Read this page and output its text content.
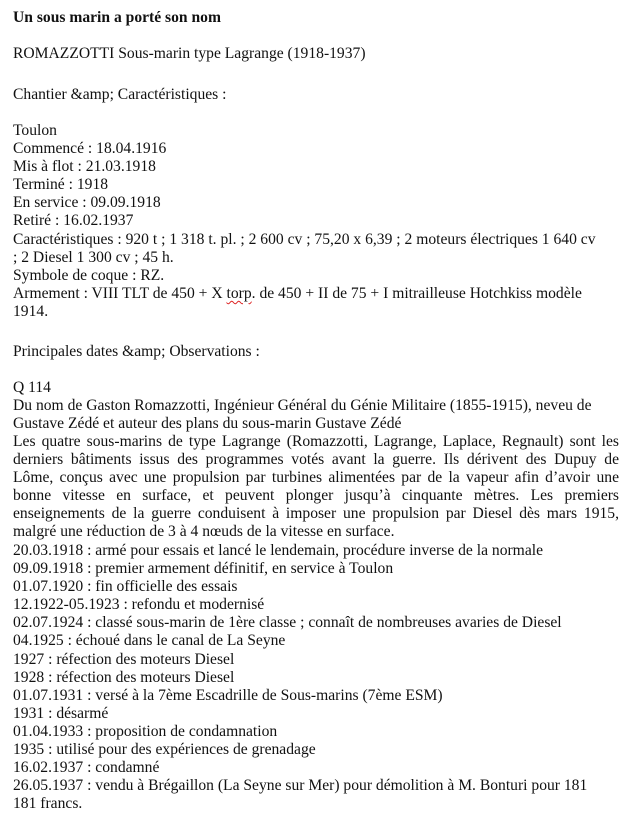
Un sous marin a porté son nom
ROMAZZOTTI Sous-marin type Lagrange (1918-1937)
Chantier &amp; Caractéristiques :
Toulon
Commencé : 18.04.1916
Mis à flot : 21.03.1918
Terminé : 1918
En service : 09.09.1918
Retiré : 16.02.1937
Caractéristiques : 920 t ; 1 318 t. pl. ; 2 600 cv ; 75,20 x 6,39 ; 2 moteurs électriques 1 640 cv
; 2 Diesel 1 300 cv ; 45 h.
Symbole de coque : RZ.
Armement : VIII TLT de 450 + X torp. de 450 + II de 75 + I mitrailleuse Hotchkiss modèle
1914.
Principales dates &amp; Observations :
Q 114
Du nom de Gaston Romazzotti, Ingénieur Général du Génie Militaire (1855-1915), neveu de
Gustave Zédé et auteur des plans du sous-marin Gustave Zédé
Les quatre sous-marins de type Lagrange (Romazzotti, Lagrange, Laplace, Regnault) sont les
derniers bâtiments issus des programmes votés avant la guerre. Ils dérivent des Dupuy de
Lôme, conçus avec une propulsion par turbines alimentées par de la vapeur afin d’avoir une
bonne vitesse en surface, et peuvent plonger jusqu’à cinquante mètres. Les premiers
enseignements de la guerre conduisent à imposer une propulsion par Diesel dès mars 1915,
malgré une réduction de 3 à 4 nœuds de la vitesse en surface.
20.03.1918 : armé pour essais et lancé le lendemain, procédure inverse de la normale
09.09.1918 : premier armement définitif, en service à Toulon
01.07.1920 : fin officielle des essais
12.1922-05.1923 : refondu et modernisé
02.07.1924 : classé sous-marin de 1ère classe ; connaît de nombreuses avaries de Diesel
04.1925 : échoué dans le canal de La Seyne
1927 : réfection des moteurs Diesel
1928 : réfection des moteurs Diesel
01.07.1931 : versé à la 7ème Escadrille de Sous-marins (7ème ESM)
1931 : désarmé
01.04.1933 : proposition de condamnation
1935 : utilisé pour des expériences de grenadage
16.02.1937 : condamné
26.05.1937 : vendu à Brégaillon (La Seyne sur Mer) pour démolition à M. Bonturi pour 181
181 francs.
